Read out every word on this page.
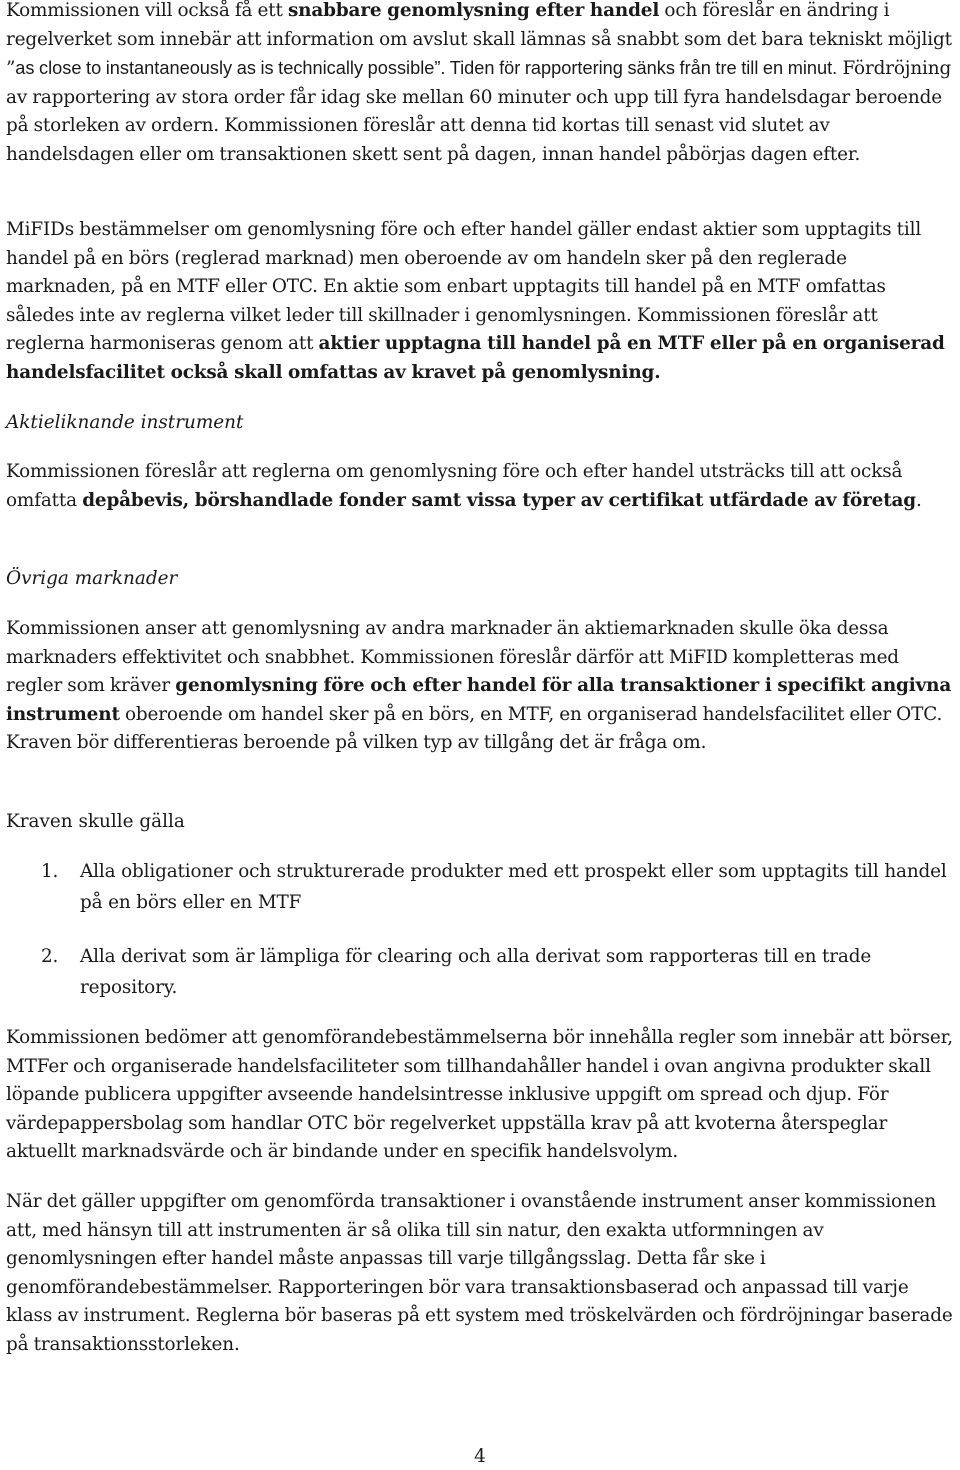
Kommissionen vill också få ett snabbare genomlysning efter handel och föreslår en ändring i regelverket som innebär att information om avslut skall lämnas så snabbt som det bara tekniskt möjligt ”as close to instantaneously as is technically possible”. Tiden för rapportering sänks från tre till en minut. Fördröjning av rapportering av stora order får idag ske mellan 60 minuter och upp till fyra handelsdagar beroende på storleken av ordern. Kommissionen föreslår att denna tid kortas till senast vid slutet av handelsdagen eller om transaktionen skett sent på dagen, innan handel påbörjas dagen efter.

MiFIDs bestämmelser om genomlysning före och efter handel gäller endast aktier som upptagits till handel på en börs (reglerad marknad) men oberoende av om handeln sker på den reglerade marknaden, på en MTF eller OTC. En aktie som enbart upptagits till handel på en MTF omfattas således inte av reglerna vilket leder till skillnader i genomlysningen. Kommissionen föreslår att reglerna harmoniseras genom att aktier upptagna till handel på en MTF eller på en organiserad handelsfacilitet också skall omfattas av kravet på genomlysning.

Aktieliknande instrument

Kommissionen föreslår att reglerna om genomlysning före och efter handel utsträcks till att också omfatta depåbevis, börshandlade fonder samt vissa typer av certifikat utfärdade av företag.

Övriga marknader

Kommissionen anser att genomlysning av andra marknader än aktiemarknaden skulle öka dessa marknaders effektivitet och snabbhet. Kommissionen föreslår därför att MiFID kompletteras med regler som kräver genomlysning före och efter handel för alla transaktioner i specifikt angivna instrument oberoende om handel sker på en börs, en MTF, en organiserad handelsfacilitet eller OTC. Kraven bör differentieras beroende på vilken typ av tillgång det är fråga om.

Kraven skulle gälla

1. Alla obligationer och strukturerade produkter med ett prospekt eller som upptagits till handel på en börs eller en MTF
2. Alla derivat som är lämpliga för clearing och alla derivat som rapporteras till en trade repository.

Kommissionen bedömer att genomförandebestämmelserna bör innehålla regler som innebär att börser, MTFer och organiserade handelsfaciliteter som tillhandahåller handel i ovan angivna produkter skall löpande publicera uppgifter avseende handelsintresse inklusive uppgift om spread och djup. För värdepappersbolag som handlar OTC bör regelverket uppställa krav på att kvoterna återspeglar aktuellt marknadsvärde och är bindande under en specifik handelsvolym.

När det gäller uppgifter om genomförda transaktioner i ovanstående instrument anser kommissionen att, med hänsyn till att instrumenten är så olika till sin natur, den exakta utformningen av genomlysningen efter handel måste anpassas till varje tillgångsslag. Detta får ske i genomförandebestämmelser. Rapporteringen bör vara transaktionsbaserad och anpassad till varje klass av instrument. Reglerna bör baseras på ett system med tröskelvärden och fördröjningar baserade på transaktionsstorleken.

4
